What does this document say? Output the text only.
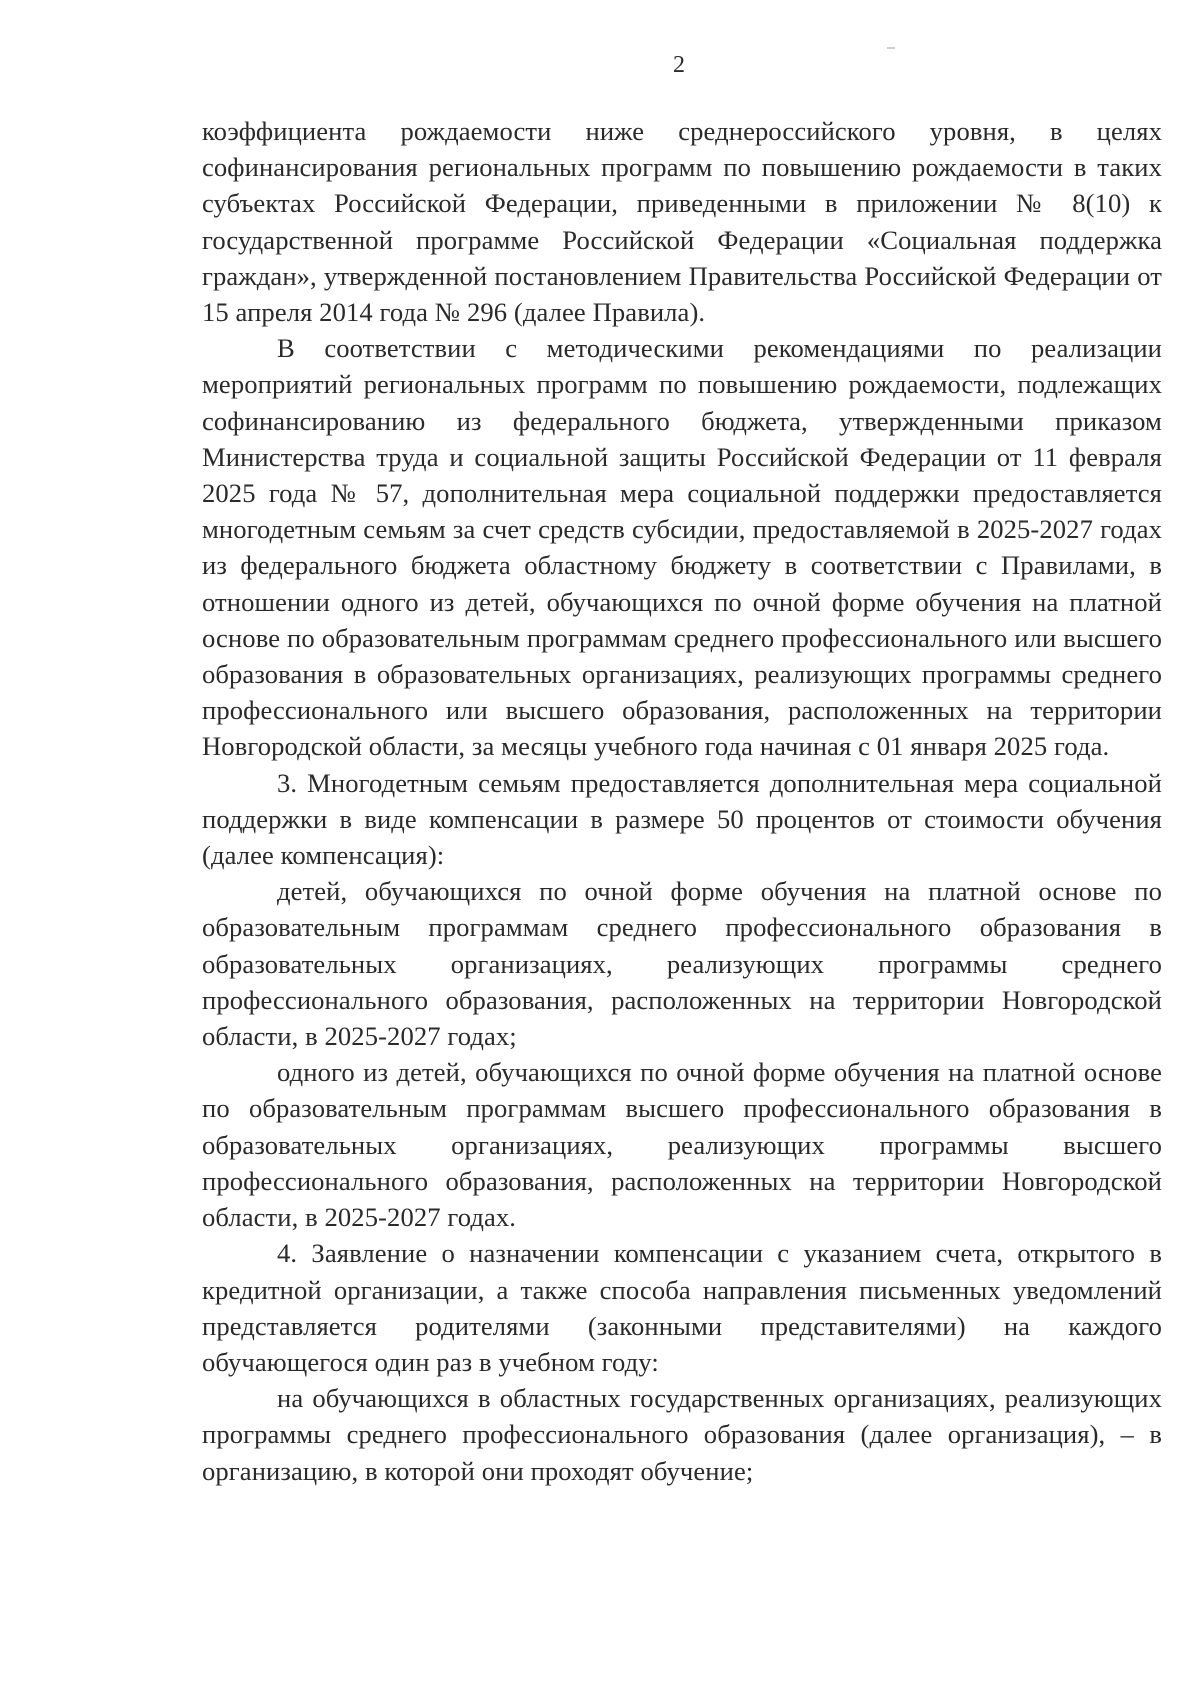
2

коэффициента рождаемости ниже среднероссийского уровня, в целях софинансирования региональных программ по повышению рождаемости в таких субъектах Российской Федерации, приведенными в приложении № 8(10) к государственной программе Российской Федерации «Социальная поддержка граждан», утвержденной постановлением Правительства Российской Федерации от 15 апреля 2014 года № 296 (далее Правила).

В соответствии с методическими рекомендациями по реализации мероприятий региональных программ по повышению рождаемости, подлежащих софинансированию из федерального бюджета, утвержденными приказом Министерства труда и социальной защиты Российской Федерации от 11 февраля 2025 года № 57, дополнительная мера социальной поддержки предоставляется многодетным семьям за счет средств субсидии, предоставляемой в 2025-2027 годах из федерального бюджета областному бюджету в соответствии с Правилами, в отношении одного из детей, обучающихся по очной форме обучения на платной основе по образовательным программам среднего профессионального или высшего образования в образовательных организациях, реализующих программы среднего профессионального или высшего образования, расположенных на территории Новгородской области, за месяцы учебного года начиная с 01 января 2025 года.

3. Многодетным семьям предоставляется дополнительная мера социальной поддержки в виде компенсации в размере 50 процентов от стоимости обучения (далее компенсация):

детей, обучающихся по очной форме обучения на платной основе по образовательным программам среднего профессионального образования в образовательных организациях, реализующих программы среднего профессионального образования, расположенных на территории Новгородской области, в 2025-2027 годах;

одного из детей, обучающихся по очной форме обучения на платной основе по образовательным программам высшего профессионального образования в образовательных организациях, реализующих программы высшего профессионального образования, расположенных на территории Новгородской области, в 2025-2027 годах.

4. Заявление о назначении компенсации с указанием счета, открытого в кредитной организации, а также способа направления письменных уведомлений представляется родителями (законными представителями) на каждого обучающегося один раз в учебном году:

на обучающихся в областных государственных организациях, реализующих программы среднего профессионального образования (далее организация), – в организацию, в которой они проходят обучение;
